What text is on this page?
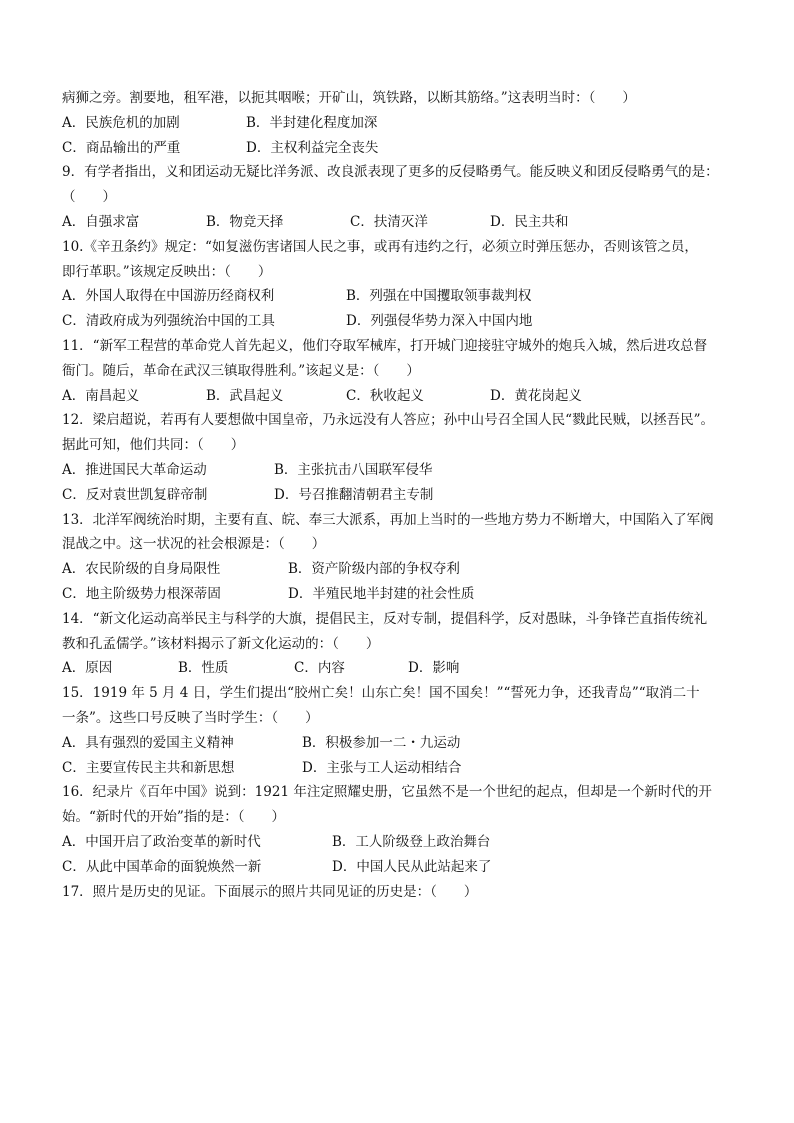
病狮之旁。割要地，租军港，以扼其咽喉；开矿山，筑铁路，以断其筋络。”这表明当时：（　　）
A．民族危机的加剧	B．半封建化程度加深
C．商品输出的严重	D．主权利益完全丧失
9．有学者指出，义和团运动无疑比洋务派、改良派表现了更多的反侵略勇气。能反映义和团反侵略勇气的是：
（　　）
A．自强求富	B．物竞天择	C．扶清灭洋	D．民主共和
10.《辛丑条约》规定：“如复滋伤害诸国人民之事，或再有违约之行，必须立时弹压惩办，否则该管之员，
即行革职。”该规定反映出：（　　）
A．外国人取得在中国游历经商权利	B．列强在中国攫取领事裁判权
C．清政府成为列强统治中国的工具	D．列强侵华势力深入中国内地
11．“新军工程营的革命党人首先起义，他们夺取军械库，打开城门迎接驻守城外的炮兵入城，然后进攻总督
衙门。随后，革命在武汉三镇取得胜利。”该起义是：（　　）
A．南昌起义	B．武昌起义	C．秋收起义	D．黄花岗起义
12．梁启超说，若再有人要想做中国皇帝，乃永远没有人答应；孙中山号召全国人民“戮此民贼，以拯吾民”。
据此可知，他们共同：（　　）
A．推进国民大革命运动	B．主张抗击八国联军侵华
C．反对袁世凯复辟帝制	D．号召推翻清朝君主专制
13．北洋军阀统治时期，主要有直、皖、奉三大派系，再加上当时的一些地方势力不断增大，中国陷入了军阀
混战之中。这一状况的社会根源是：（　　）
A．农民阶级的自身局限性	B．资产阶级内部的争权夺利
C．地主阶级势力根深蒂固	D．半殖民地半封建的社会性质
14．“新文化运动高举民主与科学的大旗，提倡民主，反对专制，提倡科学，反对愚昧，斗争锋芒直指传统礼
教和孔孟儒学。”该材料揭示了新文化运动的：（　　）
A．原因	B．性质	C．内容	D．影响
15．1919 年 5 月 4 日，学生们提出“胶州亡矣！山东亡矣！国不国矣！”“誓死力争，还我青岛”“取消二十
一条”。这些口号反映了当时学生：（　　）
A．具有强烈的爱国主义精神	B．积极参加一二・九运动
C．主要宣传民主共和新思想	D．主张与工人运动相结合
16．纪录片《百年中国》说到：1921 年注定照耀史册，它虽然不是一个世纪的起点，但却是一个新时代的开
始。“新时代的开始”指的是：（　　）
A．中国开启了政治变革的新时代	B．工人阶级登上政治舞台
C．从此中国革命的面貌焕然一新	D．中国人民从此站起来了
17．照片是历史的见证。下面展示的照片共同见证的历史是：（　　）
